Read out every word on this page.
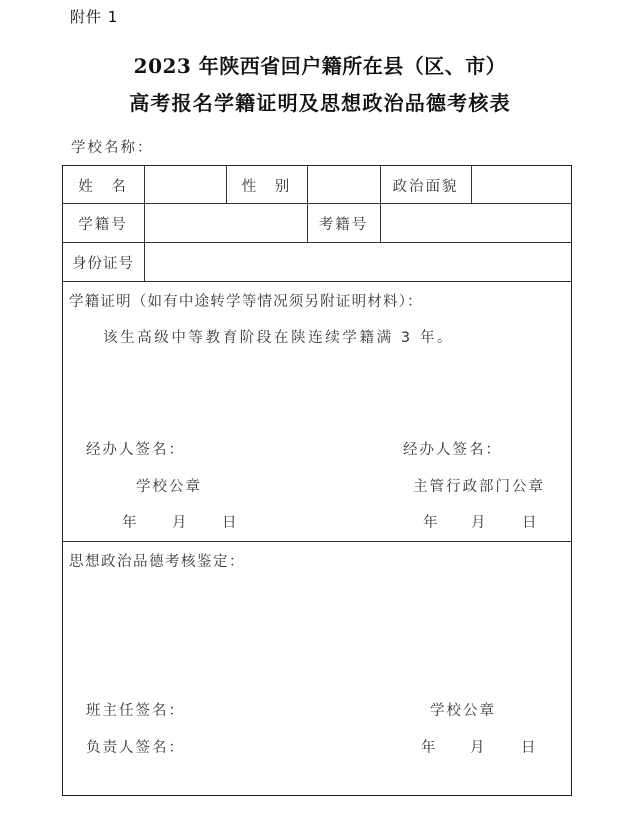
附件 1
2023 年陕西省回户籍所在县（区、市）
高考报名学籍证明及思想政治品德考核表
学校名称：
姓　名	性　别	政治面貌
学籍号	考籍号
身份证号
学籍证明（如有中途转学等情况须另附证明材料）：
该生高级中等教育阶段在陕连续学籍满 3 年。
经办人签名：
学校公章
年 月 日
经办人签名：
主管行政部门公章
年 月 日
思想政治品德考核鉴定：
班主任签名：
负责人签名：
学校公章
年 月 日
